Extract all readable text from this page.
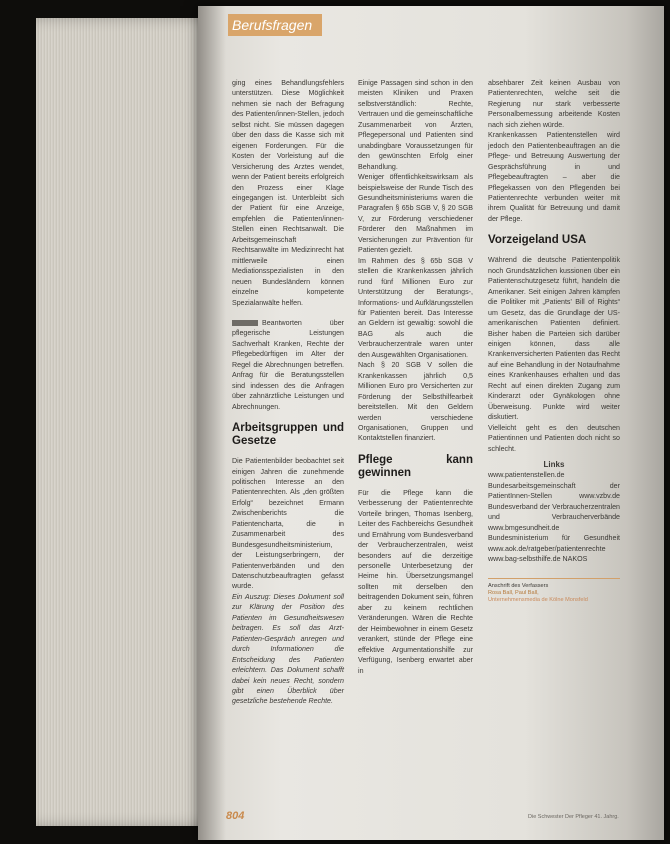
Berufsfragen

ging eines Behandlungsfehlers unterstützen. Diese Möglichkeit nehmen sie nach der Befragung des Patienten/innen-Stellen, jedoch selbst nicht. Sie müssen dagegen über den dass die Kasse sich mit eigenen Forderungen. Für die Kosten der Vorleistung auf die Versicherung des Arztes wendet, wenn der Patient bereits erfolgreich den Prozess einer Klage eingegangen ist. Unterbleibt sich der Patient für eine Anzeige, empfehlen die Patienten/innen-Stellen einen Rechtsanwalt. Die Arbeitsgemeinschaft Rechtsanwälte im Medizinrecht hat mittlerweile einen Mediationsspezialisten in den neuen Bundesländern können einzelne kompetente Spezialanwälte helfen.

Beantworten über pflegerische Leistungen Sachverhalt Kranken, Rechte der Pflegebedürftigen im Alter der Regel die Abrechnungen betreffen. Anfrag für die Beratungsstellen sind indessen des die Anfragen über zahnärztliche Leistungen und Abrechnungen.

Arbeitsgruppen und Gesetze

Die Patientenbilder beobachtet seit einigen Jahren die zunehmende politischen Interesse an den Patientenrechten. Als „den größten Erfolg“ bezeichnet Ermann Zwischenberichts die Patientencharta, die in Zusammenarbeit des Bundesgesundheitsministerium, der Leistungserbringern, der Patientenverbänden und den Datenschutzbeauftragten gefasst wurde.

Ein Auszug: Dieses Dokument soll zur Klärung der Position des Patienten im Gesundheitswesen beitragen. Es soll das Arzt-Patienten-Gespräch anregen und durch Informationen die Entscheidung des Patienten erleichtern. Das Dokument schafft dabei kein neues Recht, sondern gibt einen Überblick über gesetzliche bestehende Rechte.

Einige Passagen sind schon in den meisten Kliniken und Praxen selbstverständlich: Rechte, Vertrauen und die gemeinschaftliche Zusammenarbeit von Ärzten, Pflegepersonal und Patienten sind unabdingbare Voraussetzungen für den gewünschten Erfolg einer Behandlung.

Weniger öffentlichkeitswirksam als beispielsweise der Runde Tisch des Gesundheitsministeriums waren die Paragrafen § 65b SGB V, § 20 SGB V, zur Förderung verschiedener Förderer den Maßnahmen im Versicherungen zur Prävention für Patienten gezielt.

Im Rahmen des § 65b SGB V stellen die Krankenkassen jährlich rund fünf Millionen Euro zur Unterstützung der Beratungs-, Informations- und Aufklärungsstellen für Patienten bereit. Das Interesse an Geldern ist gewaltig: sowohl die BAG als auch die Verbraucherzentrale waren unter den Ausgewählten Organisationen.

Nach § 20 SGB V sollen die Krankenkassen jährlich 0,5 Millionen Euro pro Versicherten zur Förderung der Selbsthilfearbeit bereitstellen. Mit den Geldern werden verschiedene Organisationen, Gruppen und Kontaktstellen finanziert.

Pflege kann gewinnen

Für die Pflege kann die Verbesserung der Patientenrechte Vorteile bringen, Thomas Isenberg, Leiter des Fachbereichs Gesundheit und Ernährung vom Bundesverband der Verbraucherzentralen, weist besonders auf die derzeitige personelle Unterbesetzung der Heime hin. Übersetzungsmangel sollten mit derselben den beitragenden Dokument sein, führen aber zu keinem rechtlichen Veränderungen. Wären die Rechte der Heimbewohner in einem Gesetz verankert, stünde der Pflege eine effektive Argumentationshilfe zur Verfügung, Isenberg erwartet aber in

absehbarer Zeit keinen Ausbau von Patientenrechten, welche seit die Regierung nur stark verbesserte Personalbemessung arbeitende Kosten nach sich ziehen würde.

Krankenkassen Patientenstellen wird jedoch den Patientenbeauftragen an die Pflege- und Betreuung Auswertung der Gesprächsführung in und Pflegebeauftragten – aber die Pflegekassen von den Pflegenden bei Patientenrechte verbunden weiter mit ihrem Qualität für Betreuung und damit der Pflege.

Vorzeigeland USA

Während die deutsche Patientenpolitik noch Grundsätzlichen kussionen über ein Patientenschutzgesetz führt, handeln die Amerikaner. Seit einigen Jahren kämpfen die Politiker mit „Patients' Bill of Rights“ um Gesetz, das die Grundlage der US-amerikanischen Patienten definiert. Bisher haben die Parteien sich darüber einigen können, dass alle Krankenversicherten Patienten das Recht auf eine Behandlung in der Notaufnahme eines Krankenhauses erhalten und das Recht auf einen direkten Zugang zum Kinderarzt oder Gynäkologen ohne Überweisung. Punkte wird weiter diskutiert.

Vielleicht geht es den deutschen Patientinnen und Patienten doch nicht so schlecht.

Links

www.patientenstellen.de Bundesarbeitsgemeinschaft der PatientInnen-Stellen www.vzbv.de Bundesverband der Verbraucherzentralen und Verbraucherverbände www.bmgesundheit.de Bundesministerium für Gesundheit www.aok.de/ratgeber/patientenrechte www.bag-selbsthilfe.de NAKOS

Anschrift des Verfassers
Rosa Ball, Paul Ball,
Unternehmensmedia de Kölne Monsfeld
804	Die Schwester Der Pfleger 41. Jahrg.
